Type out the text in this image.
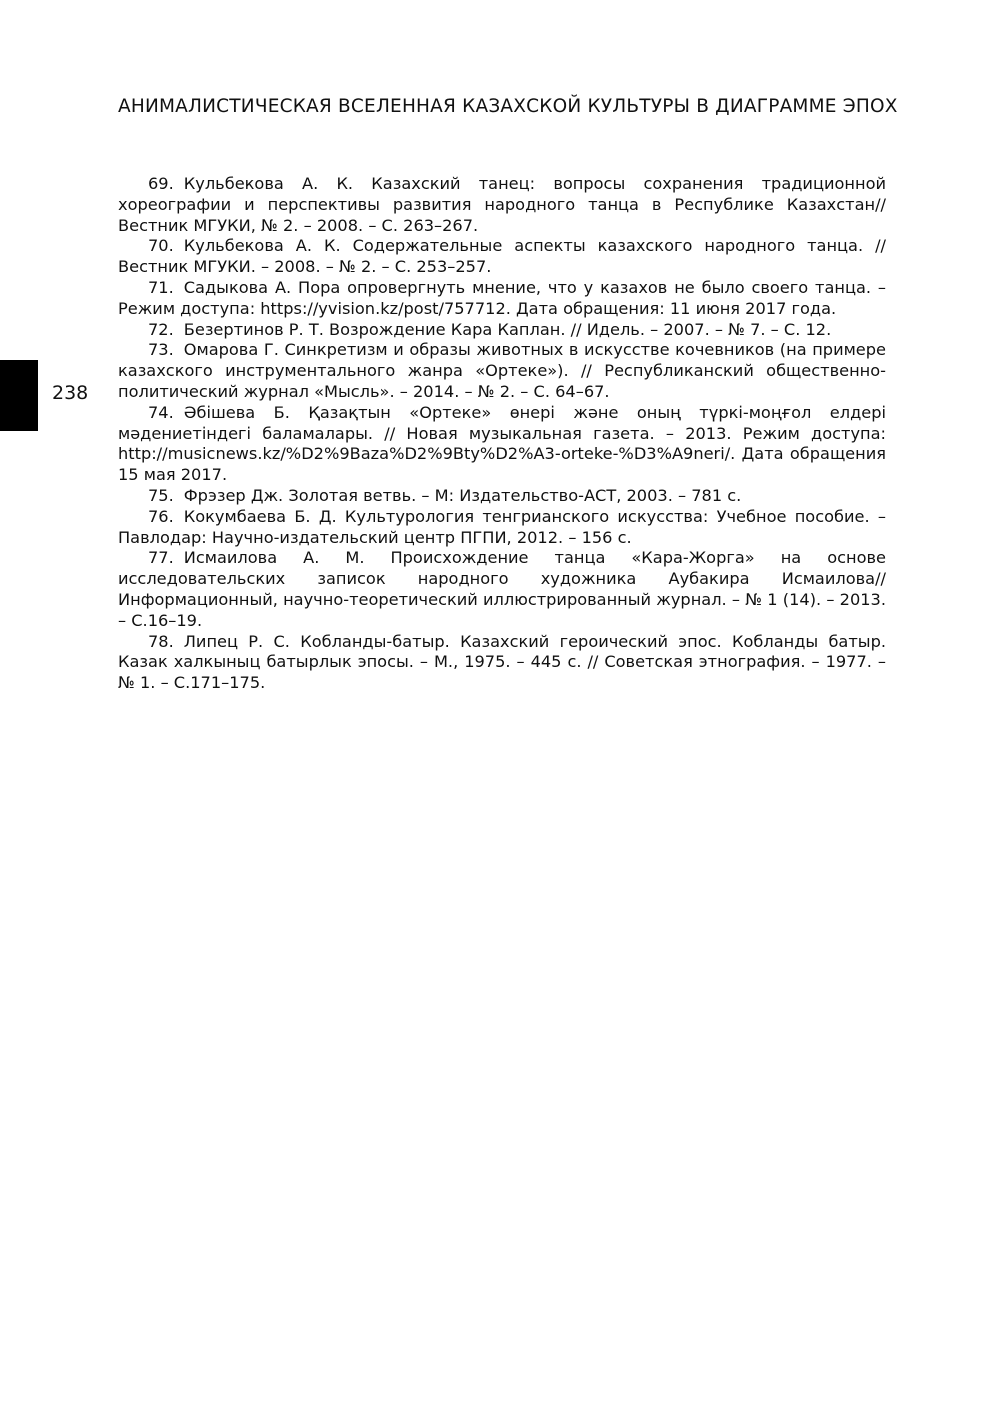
АНИМАЛИСТИЧЕСКАЯ ВСЕЛЕННАЯ КАЗАХСКОЙ КУЛЬТУРЫ В ДИАГРАММЕ ЭПОХ
238
69. Кульбекова А. К. Казахский танец: вопросы сохранения традиционной хореографии и перспективы развития народного танца в Республике Казахстан//Вестник МГУКИ, № 2. – 2008. – С. 263–267.
70. Кульбекова А. К. Содержательные аспекты казахского народного танца. // Вестник МГУКИ. – 2008. – № 2. – С. 253–257.
71. Садыкова А. Пора опровергнуть мнение, что у казахов не было своего танца. – Режим доступа: https://yvision.kz/post/757712. Дата обращения: 11 июня 2017 года.
72. Безертинов Р. Т. Возрождение Кара Каплан. // Идель. – 2007. – № 7. – С. 12.
73. Омарова Г. Синкретизм и образы животных в искусстве кочевников (на примере казахского инструментального жанра «Ортеке»). // Республиканский общественно-политический журнал «Мысль». – 2014. – № 2. – С. 64–67.
74. Әбішева Б. Қазақтын «Ортеке» өнері және оның түркі-моңғол елдері мәдениетіндегі баламалары. // Новая музыкальная газета. – 2013. Режим доступа: http://musicnews.kz/%D2%9Baza%D2%9Bty%D2%A3-orteke-%D3%A9neri/. Дата обращения 15 мая 2017.
75. Фрэзер Дж. Золотая ветвь. – М: Издательство-АСТ, 2003. – 781 с.
76. Кокумбаева Б. Д. Культурология тенгрианского искусства: Учебное пособие. – Павлодар: Научно-издательский центр ПГПИ, 2012. – 156 с.
77. Исмаилова А. М. Происхождение танца «Кара-Жорга» на основе исследовательских записок народного художника Аубакира Исмаилова//Информационный, научно-теоретический иллюстрированный журнал. – № 1 (14). – 2013. – С.16–19.
78. Липец Р. С. Кобланды-батыр. Казахский героический эпос. Кобланды батыр. Казак халкыныц батырлык эпосы. – М., 1975. – 445 с. // Советская этнография. – 1977. – № 1. – С.171–175.
